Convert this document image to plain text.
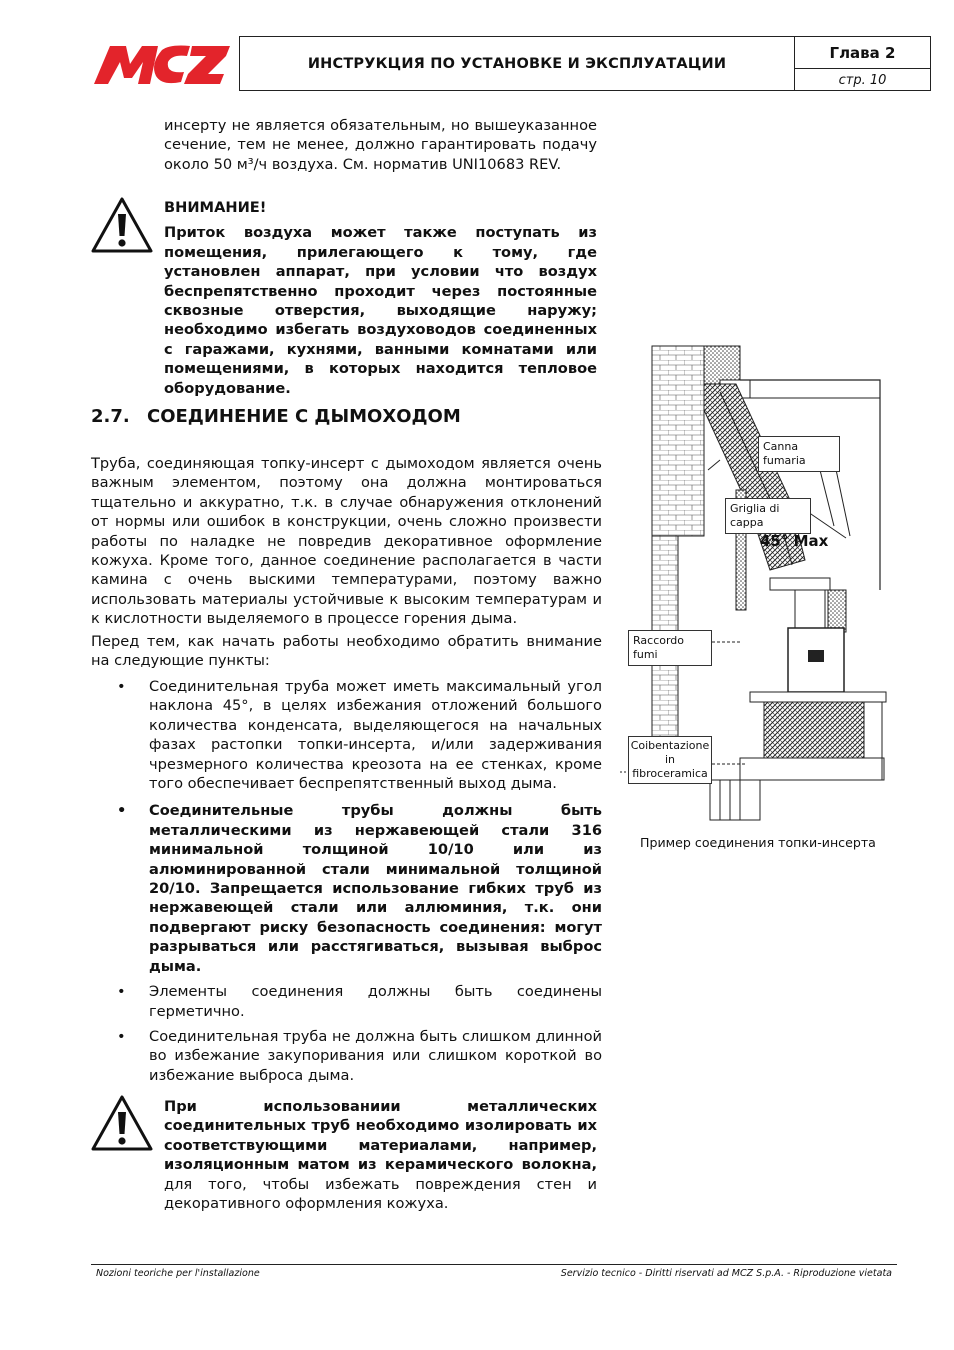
ИНСТРУКЦИЯ ПО УСТАНОВКЕ И ЭКСПЛУАТАЦИИ
Глава 2
стр. 10
инсерту не является обязательным, но вышеуказанное сечение, тем не менее, должно гарантировать подачу около 50 м³/ч воздуха. См. норматив UNI10683 REV.
ВНИМАНИЕ!
Приток воздуха может также поступать из помещения, прилегающего к тому, где установлен аппарат, при условии что воздух беспрепятственно проходит через постоянные сквозные отверстия, выходящие наружу; необходимо избегать воздуховодов соединенных с гаражами, кухнями, ванными комнатами или помещениями, в которых находится тепловое оборудование.
2.7. СОЕДИНЕНИЕ С ДЫМОХОДОМ
Труба, соединяющая топку-инсерт с дымоходом является очень важным элементом, поэтому она должна монтироваться тщательно и аккуратно, т.к. в случае обнаружения отклонений от нормы или ошибок в конструкции, очень сложно произвести работы по наладке не повредив декоративное оформление кожуха. Кроме того, данное соединение располагается в части камина с очень выскими температурами, поэтому важно использовать материалы устойчивые к высоким температурам и к кислотности выделяемого в процессе горения дыма.
Перед тем, как начать работы необходимо обратить внимание на следующие пункты:
• Соединительная труба может иметь максимальный угол наклона 45°, в целях избежания отложений большого количества конденсата, выделяющегося на начальных фазах растопки топки-инсерта, и/или задерживания чрезмерного количества креозота на ее стенках, кроме того обеспечивает беспрепятственный выход дыма.
• Соединительные трубы должны быть металлическими из нержавеющей стали 316 минимальной толщиной 10/10 или из алюминированной стали минимальной толщиной 20/10. Запрещается использование гибких труб из нержавеющей стали или аллюминия, т.к. они подвергают риску безопасность соединения: могут разрываться или расстягиваться, вызывая выброс дыма.
• Элементы соединения должны быть соединены герметично.
• Соединительная труба не должна быть слишком длинной во избежание закупоривания или слишком короткой во избежание выброса дыма.
При использованиии металлических соединительных труб необходимо изолировать их соответствующими материалами, например, изоляционным матом из керамического волокна, для того, чтобы избежать повреждения стен и декоративного оформления кожуха.
Canna fumaria
Griglia di cappa
45° Max
Raccordo fumi
Coibentazione
in fibroceramica
Пример соединения топки-инсерта
Nozioni teoriche per l'installazione	Servizio tecnico - Diritti riservati ad MCZ S.p.A. - Riproduzione vietata
